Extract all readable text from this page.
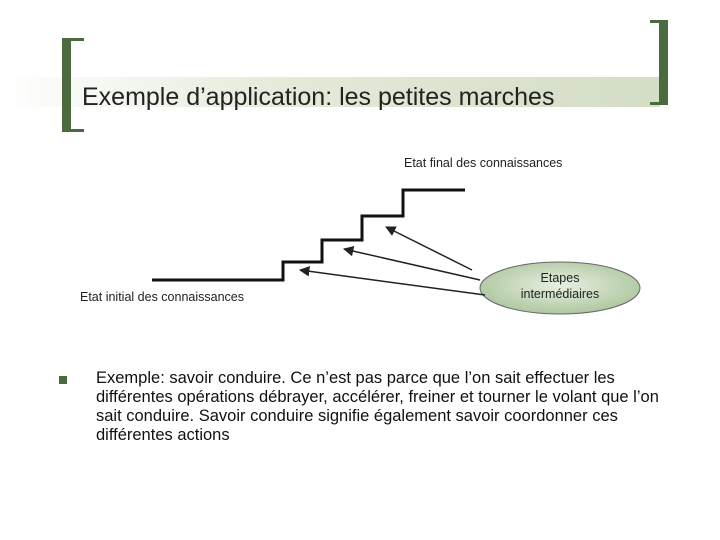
Exemple d’application: les petites marches
Etat final des connaissances
Etat initial des connaissances
Etapes
intermédiaires

Exemple: savoir conduire. Ce n’est pas parce que l’on sait effectuer les différentes opérations débrayer, accélérer, freiner et tourner le volant que l’on sait conduire. Savoir conduire signifie également savoir coordonner ces différentes actions
